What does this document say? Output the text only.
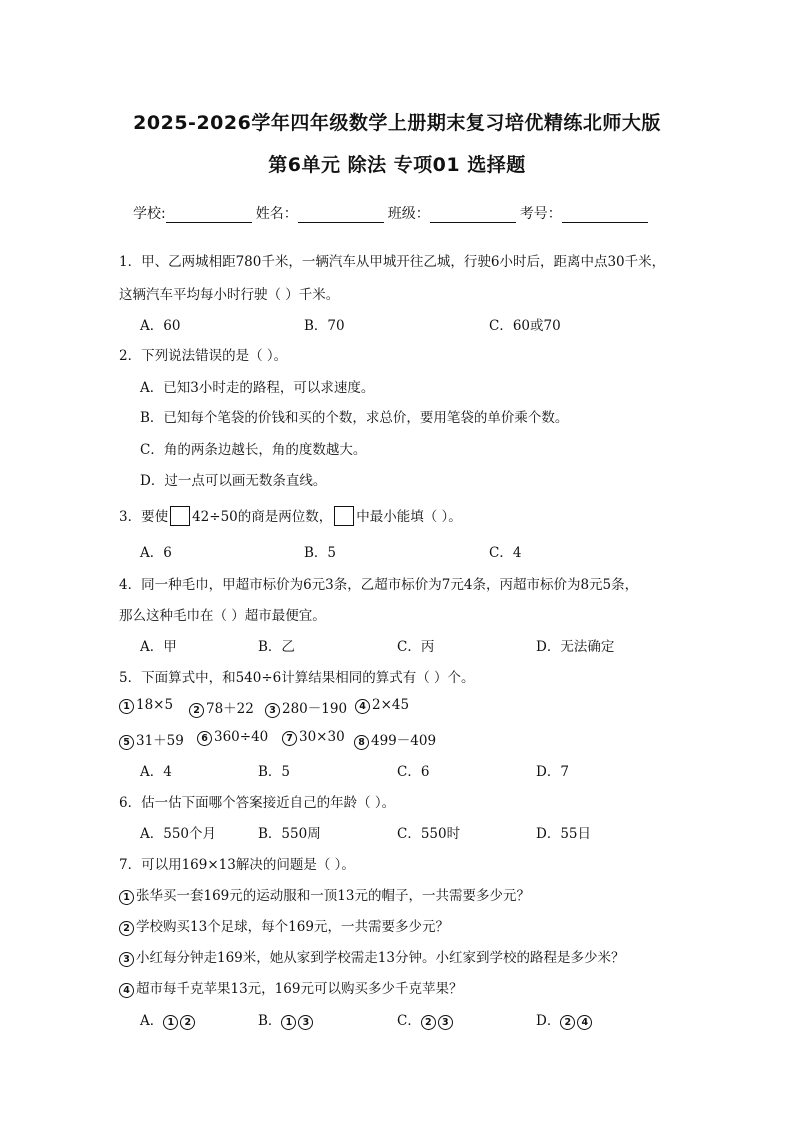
2025-2026学年四年级数学上册期末复习培优精练北师大版
第6单元 除法 专项01 选择题
学校:	姓名：	班级：	考号：
1．甲、乙两城相距780千米，一辆汽车从甲城开往乙城，行驶6小时后，距离中点30千米，
这辆汽车平均每小时行驶（ ）千米。
A．60	B．70	C．60或70
2．下列说法错误的是（ ）。
A．已知3小时走的路程，可以求速度。
B．已知每个笔袋的价钱和买的个数，求总价，要用笔袋的单价乘个数。
C．角的两条边越长，角的度数越大。
D．过一点可以画无数条直线。
3．要使 42÷50的商是两位数， 中最小能填（ ）。
A．6	B．5	C．4
4．同一种毛巾，甲超市标价为6元3条，乙超市标价为7元4条，丙超市标价为8元5条，
那么这种毛巾在（ ）超市最便宜。
A．甲	B．乙	C．丙	D．无法确定
5．下面算式中，和540÷6计算结果相同的算式有（ ）个。
1 18×5	2 78＋22	3 280－190	4 2×45
5 31＋59	6 360÷40	7 30×30	8 499－409
A．4	B．5	C．6	D．7
6．估一估下面哪个答案接近自己的年龄（ ）。
A．550个月	B．550周	C．550时	D．55日
7．可以用169×13解决的问题是（ ）。
1 张华买一套169元的运动服和一顶13元的帽子，一共需要多少元？
2 学校购买13个足球，每个169元，一共需要多少元？
3 小红每分钟走169米，她从家到学校需走13分钟。小红家到学校的路程是多少米？
4 超市每千克苹果13元，169元可以购买多少千克苹果？
A． 1 2	B． 1 3	C． 2 3	D． 2 4
